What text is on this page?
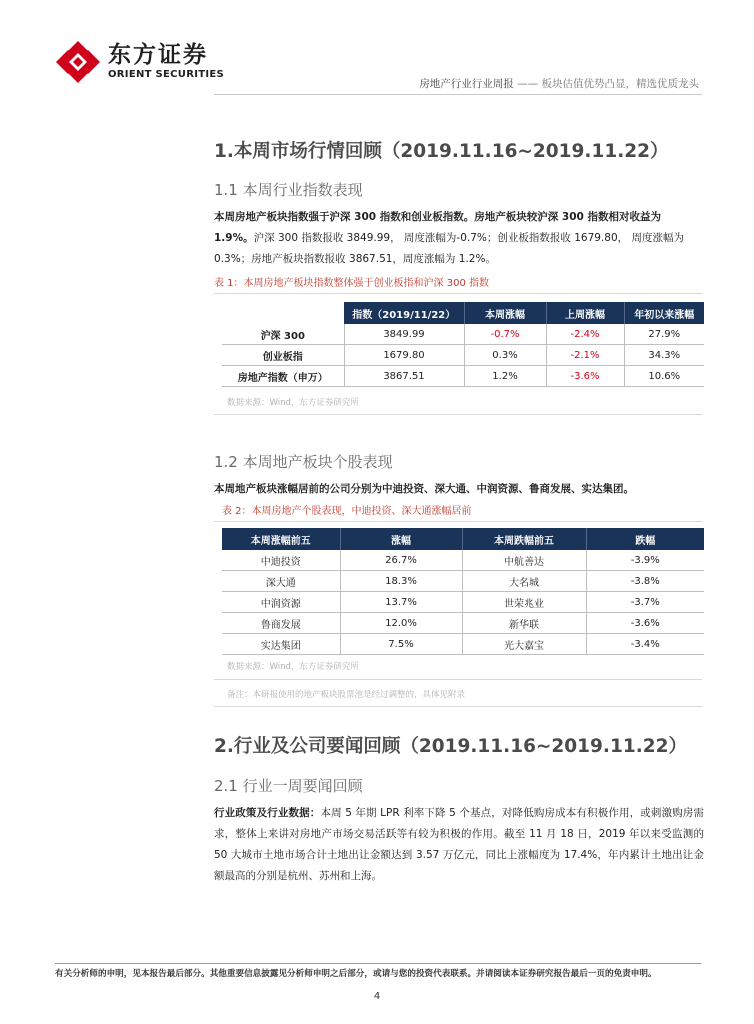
东方证券
ORIENT SECURITIES
房地产行业行业周报 —— 板块估值优势凸显，精选优质龙头
1.本周市场行情回顾（2019.11.16~2019.11.22）
1.1 本周行业指数表现
本周房地产板块指数强于沪深 300 指数和创业板指数。房地产板块较沪深 300 指数相对收益为 1.9%。沪深 300 指数报收 3849.99， 周度涨幅为-0.7%；创业板指数报收 1679.80， 周度涨幅为 0.3%；房地产板块指数报收 3867.51，周度涨幅为 1.2%。
表 1：本周房地产板块指数整体强于创业板指和沪深 300 指数
	指数（2019/11/22）	本周涨幅	上周涨幅	年初以来涨幅
沪深 300	3849.99	-0.7%	-2.4%	27.9%
创业板指	1679.80	0.3%	-2.1%	34.3%
房地产指数（申万）	3867.51	1.2%	-3.6%	10.6%
数据来源：Wind，东方证券研究所
1.2 本周地产板块个股表现
本周地产板块涨幅居前的公司分别为中迪投资、深大通、中润资源、鲁商发展、实达集团。
表 2：本周房地产个股表现，中迪投资、深大通涨幅居前
本周涨幅前五	涨幅	本周跌幅前五	跌幅
中迪投资	26.7%	中航善达	-3.9%
深大通	18.3%	大名城	-3.8%
中润资源	13.7%	世荣兆业	-3.7%
鲁商发展	12.0%	新华联	-3.6%
实达集团	7.5%	光大嘉宝	-3.4%
数据来源：Wind，东方证券研究所
备注：本研报使用的地产板块股票池是经过调整的，具体见附录
2.行业及公司要闻回顾（2019.11.16~2019.11.22）
2.1 行业一周要闻回顾
行业政策及行业数据：本周 5 年期 LPR 利率下降 5 个基点，对降低购房成本有积极作用，或刺激购房需求，整体上来讲对房地产市场交易活跃等有较为积极的作用。截至 11 月 18 日，2019 年以来受监测的 50 大城市土地市场合计土地出让金额达到 3.57 万亿元，同比上涨幅度为 17.4%，年内累计土地出让金额最高的分别是杭州、苏州和上海。
有关分析师的申明，见本报告最后部分。其他重要信息披露见分析师申明之后部分，或请与您的投资代表联系。并请阅读本证券研究报告最后一页的免责申明。
4
